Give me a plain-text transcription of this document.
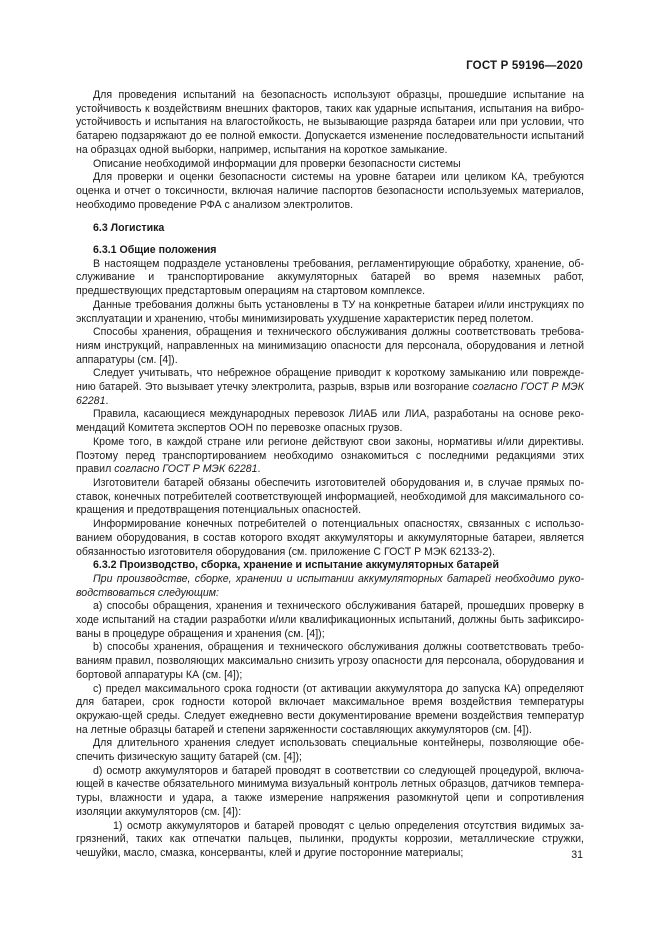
ГОСТ Р 59196—2020

Для проведения испытаний на безопасность используют образцы, прошедшие испытание на устойчивость к воздействиям внешних факторов, таких как ударные испытания, испытания на вибро-устойчивость и испытания на влагостойкость, не вызывающие разряда батареи или при условии, что батарею подзаряжают до ее полной емкости. Допускается изменение последовательности испытаний на образцах одной выборки, например, испытания на короткое замыкание.

Описание необходимой информации для проверки безопасности системы

Для проверки и оценки безопасности системы на уровне батареи или целиком КА, требуются оценка и отчет о токсичности, включая наличие паспортов безопасности используемых материалов, необходимо проведение РФА с анализом электролитов.

6.3 Логистика

6.3.1 Общие положения

В настоящем подразделе установлены требования, регламентирующие обработку, хранение, об-служивание и транспортирование аккумуляторных батарей во время наземных работ, предшествующих предстартовым операциям на стартовом комплексе.

Данные требования должны быть установлены в ТУ на конкретные батареи и/или инструкциях по эксплуатации и хранению, чтобы минимизировать ухудшение характеристик перед полетом.

Способы хранения, обращения и технического обслуживания должны соответствовать требова-ниям инструкций, направленных на минимизацию опасности для персонала, оборудования и летной аппаратуры (см. [4]).

Следует учитывать, что небрежное обращение приводит к короткому замыканию или поврежде-нию батарей. Это вызывает утечку электролита, разрыв, взрыв или возгорание согласно ГОСТ Р МЭК 62281.

Правила, касающиеся международных перевозок ЛИАБ или ЛИА, разработаны на основе реко-мендаций Комитета экспертов ООН по перевозке опасных грузов.

Кроме того, в каждой стране или регионе действуют свои законы, нормативы и/или директивы. Поэтому перед транспортированием необходимо ознакомиться с последними редакциями этих правил согласно ГОСТ Р МЭК 62281.

Изготовители батарей обязаны обеспечить изготовителей оборудования и, в случае прямых по-ставок, конечных потребителей соответствующей информацией, необходимой для максимального со-кращения и предотвращения потенциальных опасностей.

Информирование конечных потребителей о потенциальных опасностях, связанных с использо-ванием оборудования, в состав которого входят аккумуляторы и аккумуляторные батареи, является обязанностью изготовителя оборудования (см. приложение С ГОСТ Р МЭК 62133-2).

6.3.2 Производство, сборка, хранение и испытание аккумуляторных батарей

При производстве, сборке, хранении и испытании аккумуляторных батарей необходимо руко-водствоваться следующим:

а) способы обращения, хранения и технического обслуживания батарей, прошедших проверку в ходе испытаний на стадии разработки и/или квалификационных испытаний, должны быть зафиксиро-ваны в процедуре обращения и хранения (см. [4]);

b) способы хранения, обращения и технического обслуживания должны соответствовать требо-ваниям правил, позволяющих максимально снизить угрозу опасности для персонала, оборудования и бортовой аппаратуры КА (см. [4]);

с) предел максимального срока годности (от активации аккумулятора до запуска КА) определяют для батареи, срок годности которой включает максимальное время воздействия температуры окружаю-щей среды. Следует ежедневно вести документирование времени воздействия температур на летные образцы батарей и степени заряженности составляющих аккумуляторов (см. [4]).

Для длительного хранения следует использовать специальные контейнеры, позволяющие обе-спечить физическую защиту батарей (см. [4]);

d) осмотр аккумуляторов и батарей проводят в соответствии со следующей процедурой, включа-ющей в качестве обязательного минимума визуальный контроль летных образцов, датчиков темпера-туры, влажности и удара, а также измерение напряжения разомкнутой цепи и сопротивления изоляции аккумуляторов (см. [4]):

1) осмотр аккумуляторов и батарей проводят с целью определения отсутствия видимых за-грязнений, таких как отпечатки пальцев, пылинки, продукты коррозии, металлические стружки, чешуйки, масло, смазка, консерванты, клей и другие посторонние материалы;	31
